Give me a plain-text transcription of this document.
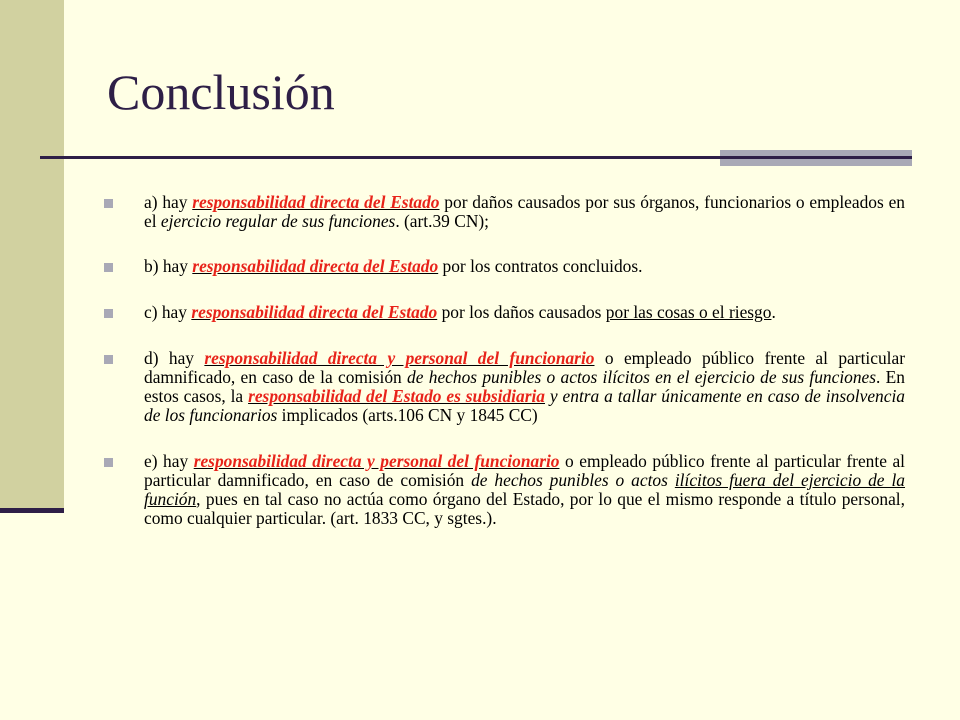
Conclusión
a) hay responsabilidad directa del Estado por daños causados por sus órganos, funcionarios o empleados en el ejercicio regular de sus funciones. (art.39 CN);
b) hay responsabilidad directa del Estado por los contratos concluidos.
c) hay responsabilidad directa del Estado por los daños causados por las cosas o el riesgo.
d) hay responsabilidad directa y personal del funcionario o empleado público frente al particular damnificado, en caso de la comisión de hechos punibles o actos ilícitos en el ejercicio de sus funciones. En estos casos, la responsabilidad del Estado es subsidiaria y entra a tallar únicamente en caso de insolvencia de los funcionarios implicados (arts.106 CN y 1845 CC)
e) hay responsabilidad directa y personal del funcionario o empleado público frente al particular frente al particular damnificado, en caso de comisión de hechos punibles o actos ilícitos fuera del ejercicio de la función, pues en tal caso no actúa como órgano del Estado, por lo que el mismo responde a título personal, como cualquier particular. (art. 1833 CC, y sgtes.).
